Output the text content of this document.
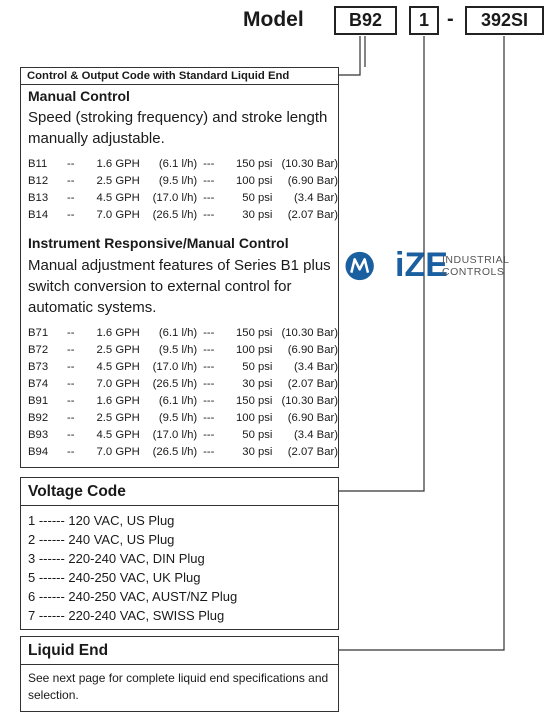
Model	B92	1 -	392SI
Control & Output Code with Standard Liquid End
Manual Control
Speed (stroking frequency) and stroke length manually adjustable.
B11	--	1.6 GPH	(6.1 l/h)	---	150 psi	(10.30 Bar)
B12	--	2.5 GPH	(9.5 l/h)	---	100 psi	(6.90 Bar)
B13	--	4.5 GPH	(17.0 l/h)	---	50 psi	(3.4 Bar)
B14	--	7.0 GPH	(26.5 l/h)	---	30 psi	(2.07 Bar)
Instrument Responsive/Manual Control
Manual adjustment features of Series B1 plus switch conversion to external control for automatic systems.
B71	--	1.6 GPH	(6.1 l/h)	---	150 psi	(10.30 Bar)
B72	--	2.5 GPH	(9.5 l/h)	---	100 psi	(6.90 Bar)
B73	--	4.5 GPH	(17.0 l/h)	---	50 psi	(3.4 Bar)
B74	--	7.0 GPH	(26.5 l/h)	---	30 psi	(2.07 Bar)
B91	--	1.6 GPH	(6.1 l/h)	---	150 psi	(10.30 Bar)
B92	--	2.5 GPH	(9.5 l/h)	---	100 psi	(6.90 Bar)
B93	--	4.5 GPH	(17.0 l/h)	---	50 psi	(3.4 Bar)
B94	--	7.0 GPH	(26.5 l/h)	---	30 psi	(2.07 Bar)
Voltage Code
1 ------ 120 VAC, US Plug
2 ------ 240 VAC, US Plug
3 ------ 220-240 VAC, DIN Plug
5 ------ 240-250 VAC, UK Plug
6 ------ 240-250 VAC, AUST/NZ Plug
7 ------ 220-240 VAC, SWISS Plug
Liquid End
See next page for complete liquid end specifications and selection.
iZE
INDUSTRIAL
CONTROLS
